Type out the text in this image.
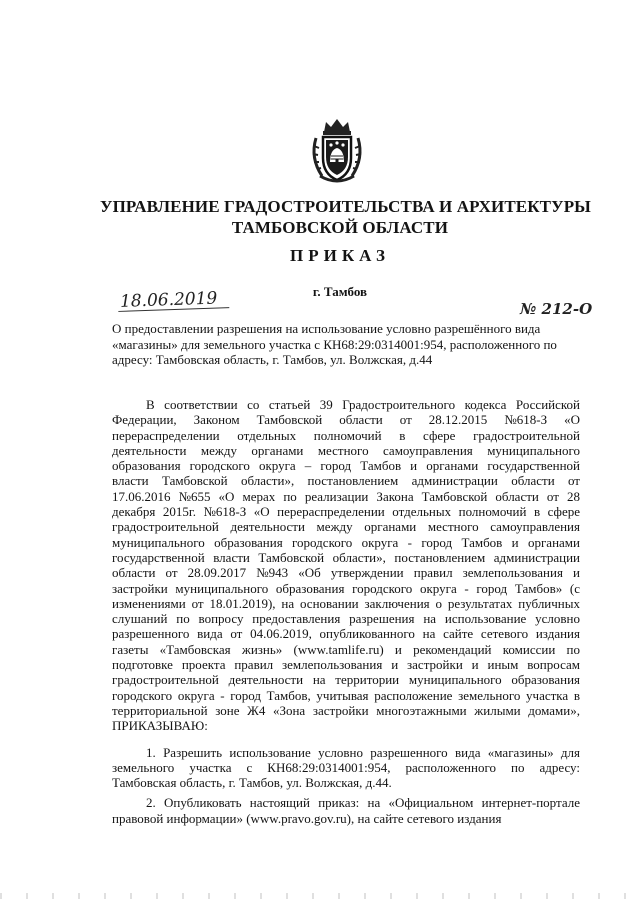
УПРАВЛЕНИЕ ГРАДОСТРОИТЕЛЬСТВА И АРХИТЕКТУРЫ
ТАМБОВСКОЙ ОБЛАСТИ
ПРИКАЗ
г. Тамбов
18.06.2019	№ 212-О
О предоставлении разрешения на использование условно разрешённого вида
«магазины» для земельного участка с КН68:29:0314001:954, расположенного по
адресу: Тамбовская область, г. Тамбов, ул. Волжская, д.44
В соответствии со статьей 39 Градостроительного кодекса Российской
Федерации, Законом Тамбовской области от 28.12.2015 №618-З «О
перераспределении отдельных полномочий в сфере градостроительной
деятельности между органами местного самоуправления муниципального
образования городского округа – город Тамбов и органами государственной
власти Тамбовской области», постановлением администрации области от
17.06.2016 №655 «О мерах по реализации Закона Тамбовской области от 28
декабря 2015г. №618-З «О перераспределении отдельных полномочий в сфере
градостроительной деятельности между органами местного самоуправления
муниципального образования городского округа - город Тамбов и органами
государственной власти Тамбовской области», постановлением администрации
области от 28.09.2017 №943 «Об утверждении правил землепользования и
застройки муниципального образования городского округа - город Тамбов» (с
изменениями от 18.01.2019), на основании заключения о результатах публичных
слушаний по вопросу предоставления разрешения на использование условно
разрешенного вида от 04.06.2019, опубликованного на сайте сетевого издания
газеты «Тамбовская жизнь» (www.tamlife.ru) и рекомендаций комиссии по
подготовке проекта правил землепользования и застройки и иным вопросам
градостроительной деятельности на территории муниципального образования
городского округа - город Тамбов, учитывая расположение земельного участка в
территориальной зоне Ж4 «Зона застройки многоэтажными жилыми домами»,
ПРИКАЗЫВАЮ:
1. Разрешить использование условно разрешенного вида «магазины» для
земельного участка с КН68:29:0314001:954, расположенного по адресу:
Тамбовская область, г. Тамбов, ул. Волжская, д.44.
2. Опубликовать настоящий приказ: на «Официальном интернет-портале
правовой информации» (www.pravo.gov.ru), на сайте сетевого издания
